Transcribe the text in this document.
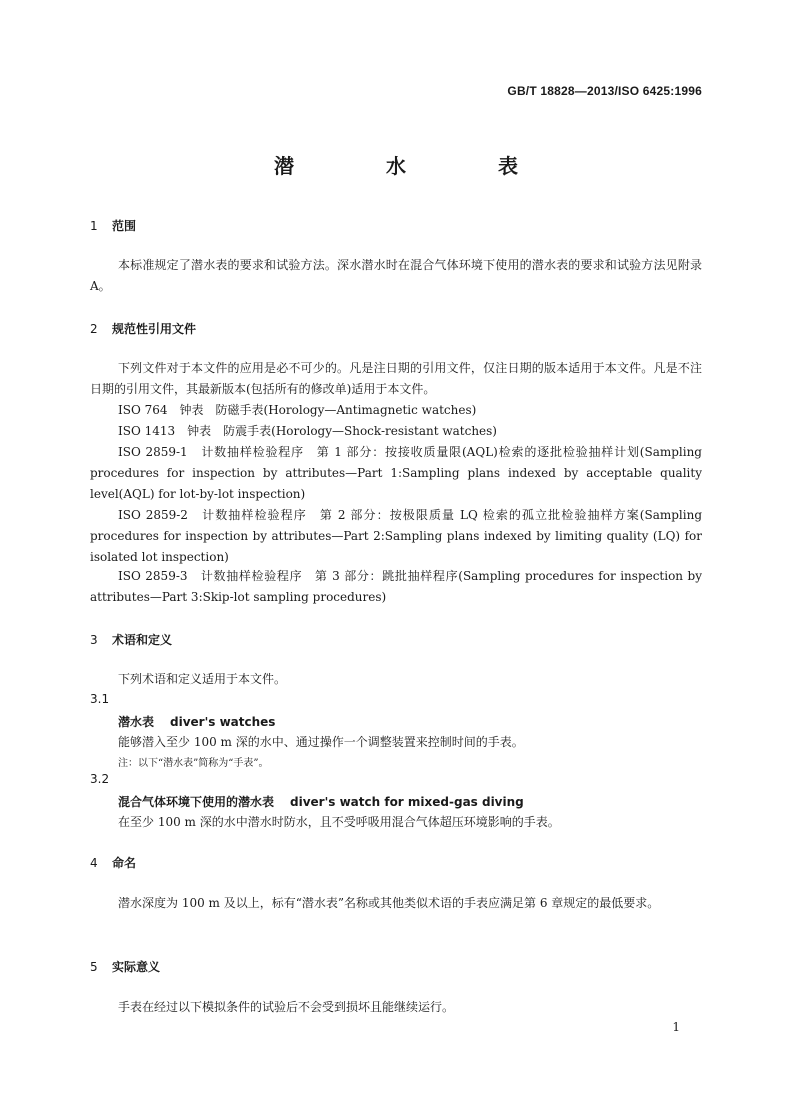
GB/T 18828—2013/ISO 6425:1996
潜　水　表
1 范围
本标准规定了潜水表的要求和试验方法。深水潜水时在混合气体环境下使用的潜水表的要求和试验方法见附录 A。
2 规范性引用文件
下列文件对于本文件的应用是必不可少的。凡是注日期的引用文件，仅注日期的版本适用于本文件。凡是不注日期的引用文件，其最新版本(包括所有的修改单)适用于本文件。
ISO 764　钟表　防磁手表(Horology—Antimagnetic watches)
ISO 1413　钟表　防震手表(Horology—Shock-resistant watches)
ISO 2859-1　计数抽样检验程序　第 1 部分：按接收质量限(AQL)检索的逐批检验抽样计划(Sampling procedures for inspection by attributes—Part 1:Sampling plans indexed by acceptable quality level(AQL) for lot-by-lot inspection)
ISO 2859-2　计数抽样检验程序　第 2 部分：按极限质量 LQ 检索的孤立批检验抽样方案(Sampling procedures for inspection by attributes—Part 2:Sampling plans indexed by limiting quality (LQ) for isolated lot inspection)
ISO 2859-3　计数抽样检验程序　第 3 部分：跳批抽样程序(Sampling procedures for inspection by attributes—Part 3:Skip-lot sampling procedures)
3 术语和定义
下列术语和定义适用于本文件。
3.1
潜水表 diver's watches
能够潜入至少 100 m 深的水中、通过操作一个调整装置来控制时间的手表。
注：以下“潜水表”简称为“手表”。
3.2
混合气体环境下使用的潜水表 diver's watch for mixed-gas diving
在至少 100 m 深的水中潜水时防水，且不受呼吸用混合气体超压环境影响的手表。
4 命名
潜水深度为 100 m 及以上，标有“潜水表”名称或其他类似术语的手表应满足第 6 章规定的最低要求。
5 实际意义
手表在经过以下模拟条件的试验后不会受到损坏且能继续运行。
1
